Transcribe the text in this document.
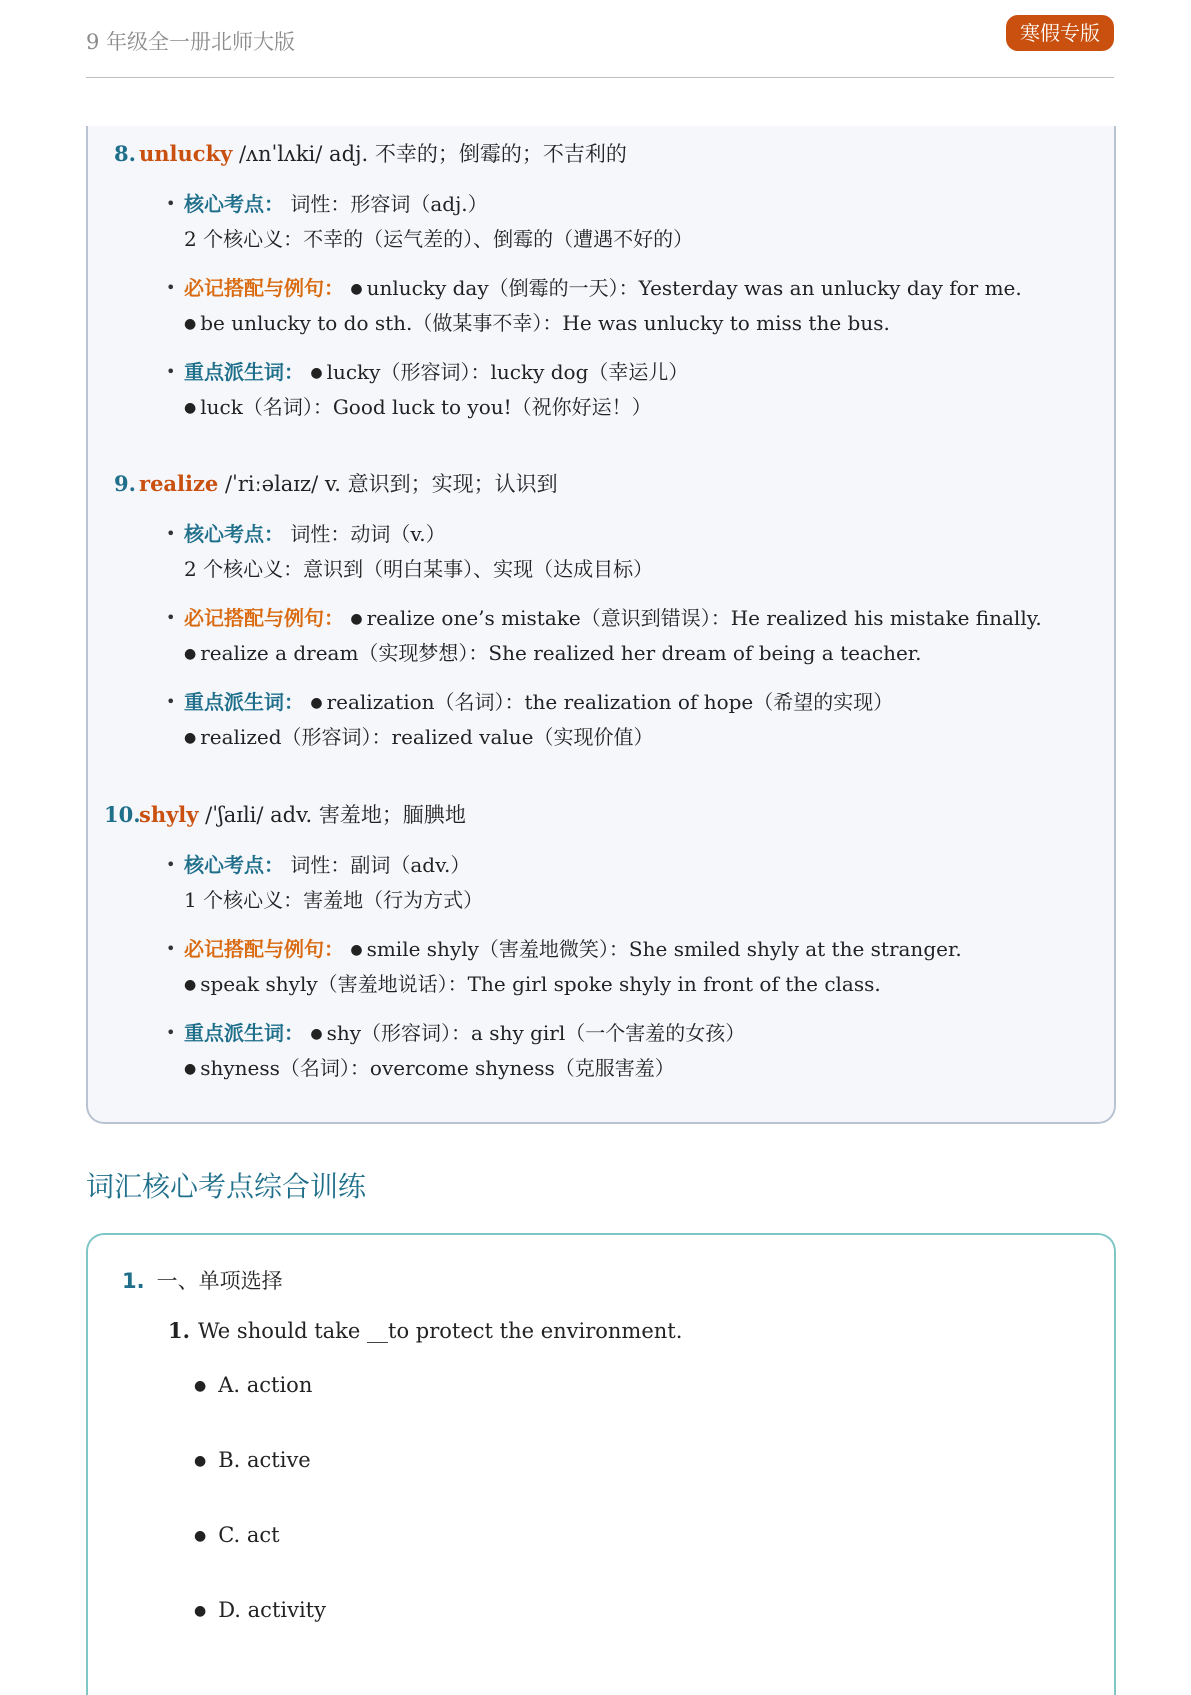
9 年级全一册北师大版	寒假专版
8. unlucky /ʌnˈlʌki/ adj. 不幸的；倒霉的；不吉利的
• 核心考点： 词性：形容词（adj.）
2 个核心义：不幸的（运气差的）、倒霉的（遭遇不好的）
• 必记搭配与例句： ● unlucky day（倒霉的一天）：Yesterday was an unlucky day for me.
● be unlucky to do sth.（做某事不幸）：He was unlucky to miss the bus.
• 重点派生词： ● lucky（形容词）：lucky dog（幸运儿）
● luck（名词）：Good luck to you!（祝你好运！）
9. realize /ˈriːəlaɪz/ v. 意识到；实现；认识到
• 核心考点： 词性：动词（v.）
2 个核心义：意识到（明白某事）、实现（达成目标）
• 必记搭配与例句： ● realize one’s mistake（意识到错误）：He realized his mistake finally.
● realize a dream（实现梦想）：She realized her dream of being a teacher.
• 重点派生词： ● realization（名词）：the realization of hope（希望的实现）
● realized（形容词）：realized value（实现价值）
10.
shyly /ˈʃaɪli/ adv. 害羞地；腼腆地
• 核心考点： 词性：副词（adv.）
1 个核心义：害羞地（行为方式）
• 必记搭配与例句： ● smile shyly（害羞地微笑）：She smiled shyly at the stranger.
● speak shyly（害羞地说话）：The girl spoke shyly in front of the class.
• 重点派生词： ● shy（形容词）：a shy girl（一个害羞的女孩）
● shyness（名词）：overcome shyness（克服害羞）
词汇核心考点综合训练
1. 一、单项选择
1. We should take __to protect the environment.
● A. action
● B. active
● C. act
● D. activity
